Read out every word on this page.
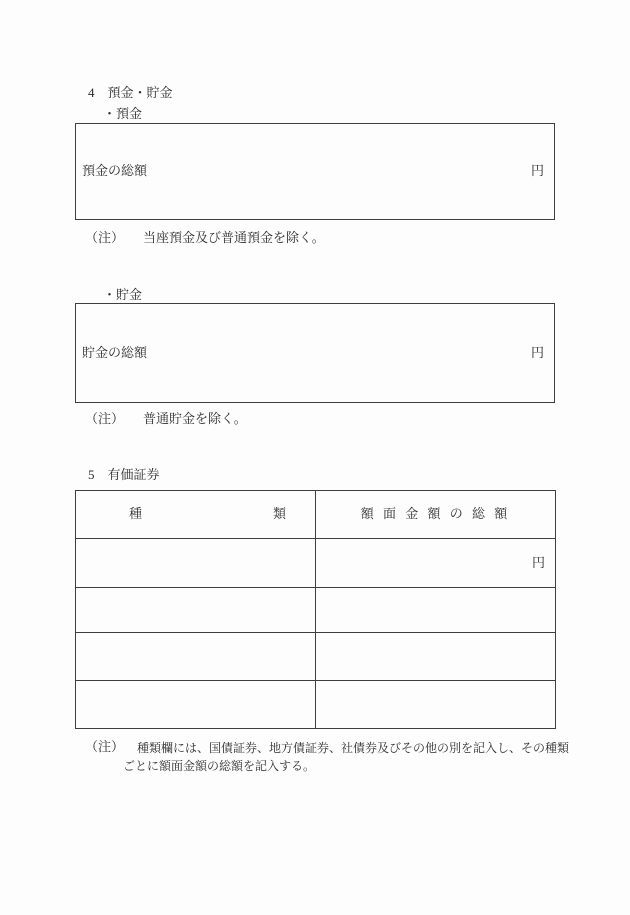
4　預金・貯金
・預金
預金の総額	円
（注） 当座預金及び普通預金を除く。
・貯金
貯金の総額	円
（注） 普通貯金を除く。
5　有価証券
種 類	額 面 金 額 の 総 額
	円

（注） 種類欄には、国債証券、地方債証券、社債券及びその他の別を記入し、その種類
ごとに額面金額の総額を記入する。
